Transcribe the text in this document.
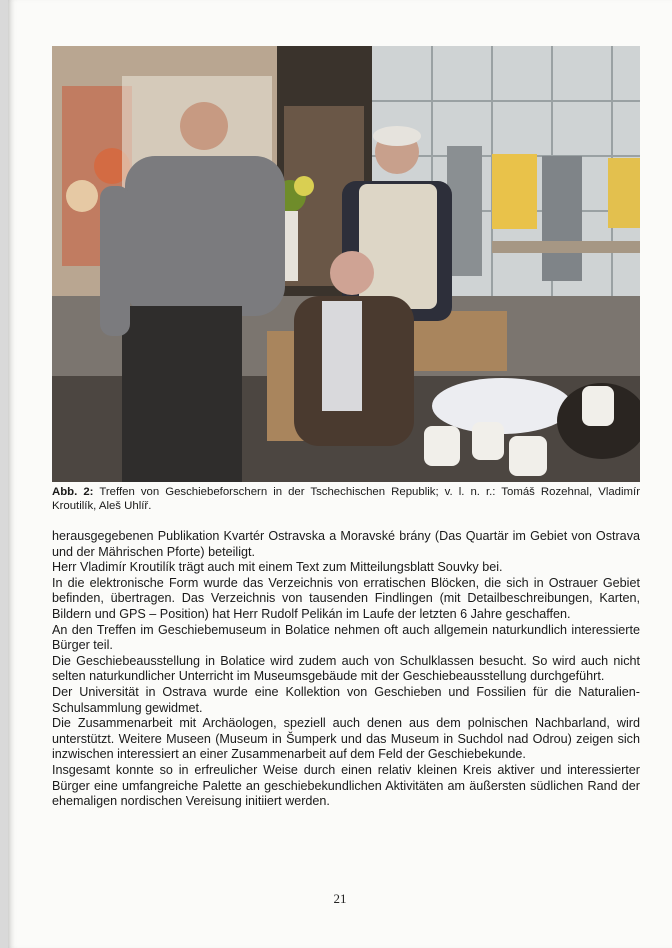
Abb. 2: Treffen von Geschiebeforschern in der Tschechischen Republik; v. l. n. r.: Tomáš Rozehnal, Vladimír Kroutilík, Aleš Uhlíř.

herausgegebenen Publikation Kvartér Ostravska a Moravské brány (Das Quartär im Gebiet von Ostrava und der Mährischen Pforte) beteiligt.

Herr Vladimír Kroutilík trägt auch mit einem Text zum Mitteilungsblatt Souvky bei.

In die elektronische Form wurde das Verzeichnis von erratischen Blöcken, die sich in Ostrauer Gebiet befinden, übertragen. Das Verzeichnis von tausenden Findlingen (mit Detailbeschreibungen, Karten, Bildern und GPS – Position) hat Herr Rudolf Pelikán im Laufe der letzten 6 Jahre geschaffen.

An den Treffen im Geschiebemuseum in Bolatice nehmen oft auch allgemein naturkundlich interessierte Bürger teil.

Die Geschiebeausstellung in Bolatice wird zudem auch von Schulklassen besucht. So wird auch nicht selten naturkundlicher Unterricht im Museumsgebäude mit der Geschiebeausstellung durchgeführt.

Der Universität in Ostrava wurde eine Kollektion von Geschieben und Fossilien für die Naturalien-Schulsammlung gewidmet.

Die Zusammenarbeit mit Archäologen, speziell auch denen aus dem polnischen Nachbarland, wird unterstützt. Weitere Museen (Museum in Šumperk und das Museum in Suchdol nad Odrou) zeigen sich inzwischen interessiert an einer Zusammenarbeit auf dem Feld der Geschiebekunde.

Insgesamt konnte so in erfreulicher Weise durch einen relativ kleinen Kreis aktiver und interessierter Bürger eine umfangreiche Palette an geschiebekundlichen Aktivitäten am äußersten südlichen Rand der ehemaligen nordischen Vereisung initiiert werden.

21
